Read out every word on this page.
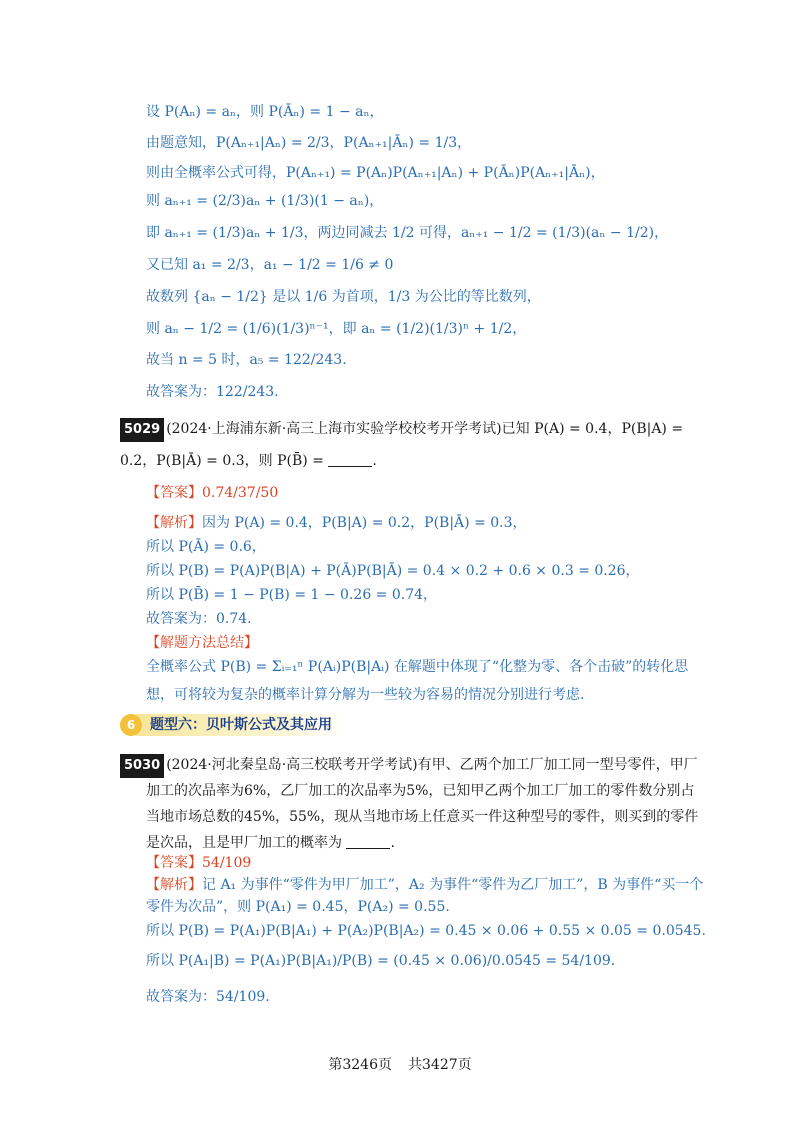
设 P(Aₙ) = aₙ，则 P(Āₙ) = 1 − aₙ，
由题意知，P(Aₙ₊₁|Aₙ) = 2/3，P(Aₙ₊₁|Āₙ) = 1/3，
则由全概率公式可得，P(Aₙ₊₁) = P(Aₙ)P(Aₙ₊₁|Aₙ) + P(Āₙ)P(Aₙ₊₁|Āₙ)，
则 aₙ₊₁ = (2/3)aₙ + (1/3)(1 − aₙ)，
即 aₙ₊₁ = (1/3)aₙ + 1/3，两边同减去 1/2 可得，aₙ₊₁ − 1/2 = (1/3)(aₙ − 1/2)，
又已知 a₁ = 2/3，a₁ − 1/2 = 1/6 ≠ 0
故数列 {aₙ − 1/2} 是以 1/6 为首项，1/3 为公比的等比数列，
则 aₙ − 1/2 = (1/6)(1/3)ⁿ⁻¹，即 aₙ = (1/2)(1/3)ⁿ + 1/2，
故当 n = 5 时，a₅ = 122/243.
故答案为：122/243.
5029 (2024·上海浦东新·高三上海市实验学校校考开学考试)已知 P(A) = 0.4，P(B|A) =
0.2，P(B|Ā) = 0.3，则 P(B̄) =	.
【答案】0.74/37/50
【解析】因为 P(A) = 0.4，P(B|A) = 0.2，P(B|Ā) = 0.3，
所以 P(Ā) = 0.6，
所以 P(B) = P(A)P(B|A) + P(Ā)P(B|Ā) = 0.4 × 0.2 + 0.6 × 0.3 = 0.26，
所以 P(B̄) = 1 − P(B) = 1 − 0.26 = 0.74，
故答案为：0.74.
【解题方法总结】
全概率公式 P(B) = Σᵢ₌₁ⁿ P(Aᵢ)P(B|Aᵢ) 在解题中体现了“化整为零、各个击破”的转化思
想，可将较为复杂的概率计算分解为一些较为容易的情况分别进行考虑.
6	题型六：贝叶斯公式及其应用
5030 (2024·河北秦皇岛·高三校联考开学考试)有甲、乙两个加工厂加工同一型号零件，甲厂
加工的次品率为6%，乙厂加工的次品率为5%，已知甲乙两个加工厂加工的零件数分别占
当地市场总数的45%，55%，现从当地市场上任意买一件这种型号的零件，则买到的零件
是次品，且是甲厂加工的概率为	.
【答案】54/109
【解析】记 A₁ 为事件“零件为甲厂加工”，A₂ 为事件“零件为乙厂加工”，B 为事件“买一个
零件为次品”，则 P(A₁) = 0.45，P(A₂) = 0.55.
所以 P(B) = P(A₁)P(B|A₁) + P(A₂)P(B|A₂) = 0.45 × 0.06 + 0.55 × 0.05 = 0.0545.
所以 P(A₁|B) = P(A₁)P(B|A₁)/P(B) = (0.45 × 0.06)/0.0545 = 54/109.
故答案为：54/109.
第3246页 共3427页
